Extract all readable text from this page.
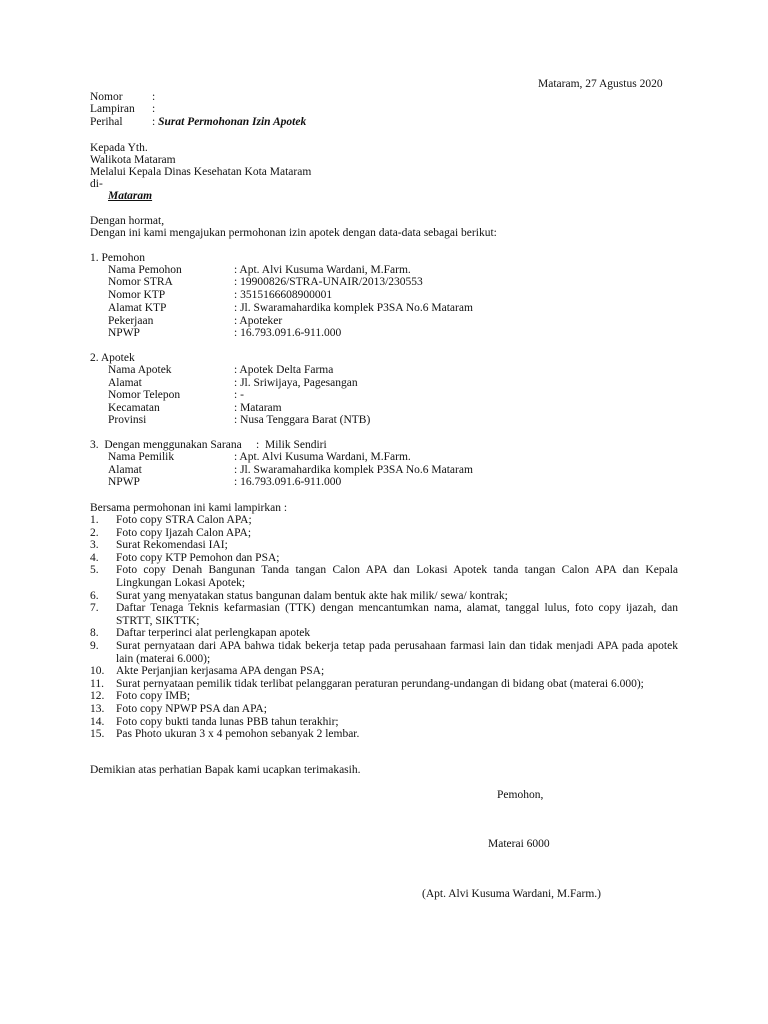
Mataram, 27 Agustus 2020
Nomor	:
Lampiran :
Perihal	: Surat Permohonan Izin Apotek
Kepada Yth.
Walikota Mataram
Melalui Kepala Dinas Kesehatan Kota Mataram
di-
Mataram
Dengan hormat,
Dengan ini kami mengajukan permohonan izin apotek dengan data-data sebagai berikut:
1. Pemohon
Nama Pemohon	: Apt. Alvi Kusuma Wardani, M.Farm.
Nomor STRA	: 19900826/STRA-UNAIR/2013/230553
Nomor KTP	: 3515166608900001
Alamat KTP	: Jl. Swaramahardika komplek P3SA No.6 Mataram
Pekerjaan	: Apoteker
NPWP	: 16.793.091.6-911.000
2. Apotek
Nama Apotek	: Apotek Delta Farma
Alamat	: Jl. Sriwijaya, Pagesangan
Nomor Telepon	: -
Kecamatan	: Mataram
Provinsi	: Nusa Tenggara Barat (NTB)
3.  Dengan menggunakan Sarana     :  Milik Sendiri
Nama Pemilik	: Apt. Alvi Kusuma Wardani, M.Farm.
Alamat	: Jl. Swaramahardika komplek P3SA No.6 Mataram
NPWP	: 16.793.091.6-911.000
Bersama permohonan ini kami lampirkan :
1. Foto copy STRA Calon APA;
2. Foto copy Ijazah Calon APA;
3. Surat Rekomendasi IAI;
4. Foto copy KTP Pemohon dan PSA;
5. Foto copy Denah Bangunan Tanda tangan Calon APA dan Lokasi Apotek tanda tangan Calon APA dan Kepala Lingkungan Lokasi Apotek;
6. Surat yang menyatakan status bangunan dalam bentuk akte hak milik/ sewa/ kontrak;
7. Daftar Tenaga Teknis kefarmasian (TTK) dengan mencantumkan nama, alamat, tanggal lulus, foto copy ijazah, dan STRTT, SIKTTK;
8. Daftar terperinci alat perlengkapan apotek
9. Surat pernyataan dari APA bahwa tidak bekerja tetap pada perusahaan farmasi lain dan tidak menjadi APA pada apotek lain (materai 6.000);
10. Akte Perjanjian kerjasama APA dengan PSA;
11. Surat pernyataan pemilik tidak terlibat pelanggaran peraturan perundang-undangan di bidang obat (materai 6.000);
12. Foto copy IMB;
13. Foto copy NPWP PSA dan APA;
14. Foto copy bukti tanda lunas PBB tahun terakhir;
15. Pas Photo ukuran 3 x 4 pemohon sebanyak 2 lembar.
Demikian atas perhatian Bapak kami ucapkan terimakasih.
Pemohon,
Materai 6000
(Apt. Alvi Kusuma Wardani, M.Farm.)
